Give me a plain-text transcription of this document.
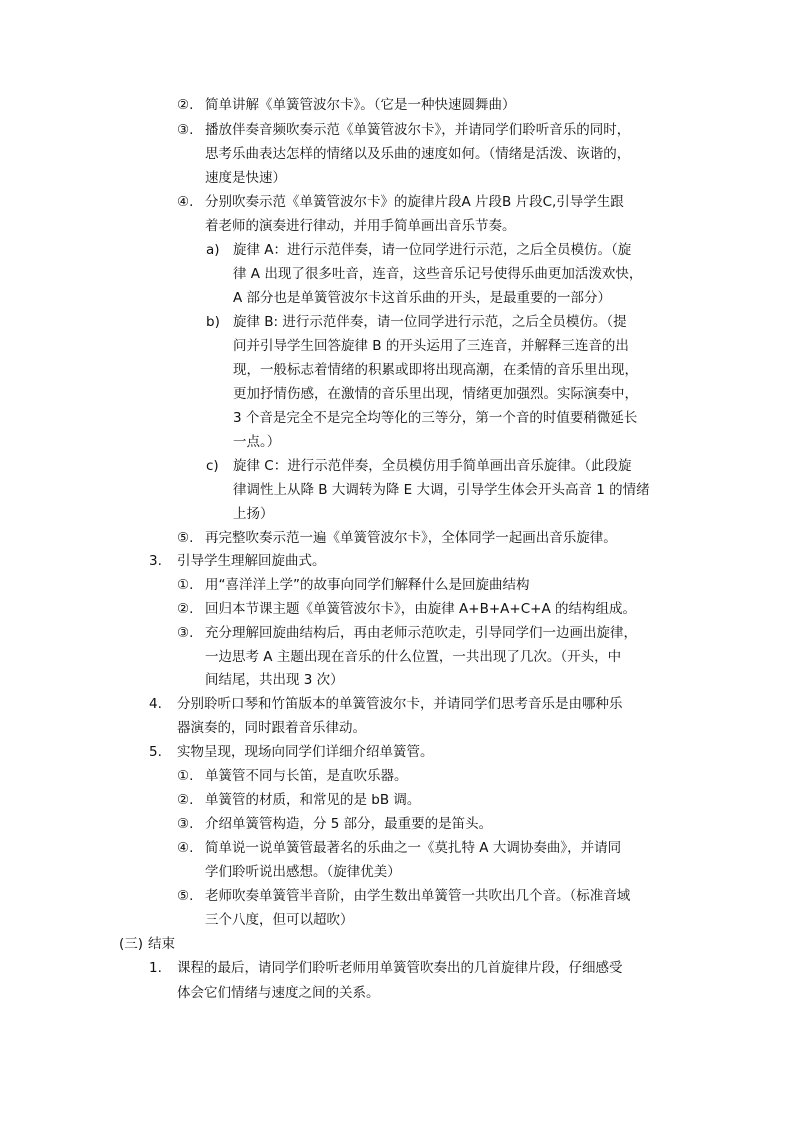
②. 简单讲解《单簧管波尔卡》。（它是一种快速圆舞曲）
③. 播放伴奏音频吹奏示范《单簧管波尔卡》，并请同学们聆听音乐的同时，
思考乐曲表达怎样的情绪以及乐曲的速度如何。（情绪是活泼、诙谐的，
速度是快速）
④. 分别吹奏示范《单簧管波尔卡》的旋律片段A 片段B 片段C,引导学生跟
着老师的演奏进行律动，并用手简单画出音乐节奏。
a) 旋律 A：进行示范伴奏，请一位同学进行示范，之后全员模仿。（旋
律 A 出现了很多吐音，连音，这些音乐记号使得乐曲更加活泼欢快，
A 部分也是单簧管波尔卡这首乐曲的开头，是最重要的一部分）
b) 旋律 B: 进行示范伴奏，请一位同学进行示范，之后全员模仿。（提
问并引导学生回答旋律 B 的开头运用了三连音，并解释三连音的出
现，一般标志着情绪的积累或即将出现高潮，在柔情的音乐里出现，
更加抒情伤感，在激情的音乐里出现，情绪更加强烈。实际演奏中，
3 个音是完全不是完全均等化的三等分，第一个音的时值要稍微延长
一点。）
c) 旋律 C：进行示范伴奏，全员模仿用手简单画出音乐旋律。（此段旋
律调性上从降 B 大调转为降 E 大调，引导学生体会开头高音 1 的情绪
上扬）
⑤. 再完整吹奏示范一遍《单簧管波尔卡》，全体同学一起画出音乐旋律。
3. 引导学生理解回旋曲式。
①. 用“喜洋洋上学”的故事向同学们解释什么是回旋曲结构
②. 回归本节课主题《单簧管波尔卡》，由旋律 A+B+A+C+A 的结构组成。
③. 充分理解回旋曲结构后，再由老师示范吹走，引导同学们一边画出旋律，
一边思考 A 主题出现在音乐的什么位置，一共出现了几次。（开头，中
间结尾，共出现 3 次）
4. 分别聆听口琴和竹笛版本的单簧管波尔卡，并请同学们思考音乐是由哪种乐
器演奏的，同时跟着音乐律动。
5. 实物呈现，现场向同学们详细介绍单簧管。
①. 单簧管不同与长笛，是直吹乐器。
②. 单簧管的材质，和常见的是 bB 调。
③. 介绍单簧管构造，分 5 部分，最重要的是笛头。
④. 简单说一说单簧管最著名的乐曲之一《莫扎特 A 大调协奏曲》，并请同
学们聆听说出感想。（旋律优美）
⑤. 老师吹奏单簧管半音阶，由学生数出单簧管一共吹出几个音。（标准音域
三个八度，但可以超吹）
(三) 结束
1. 课程的最后，请同学们聆听老师用单簧管吹奏出的几首旋律片段，仔细感受
体会它们情绪与速度之间的关系。
